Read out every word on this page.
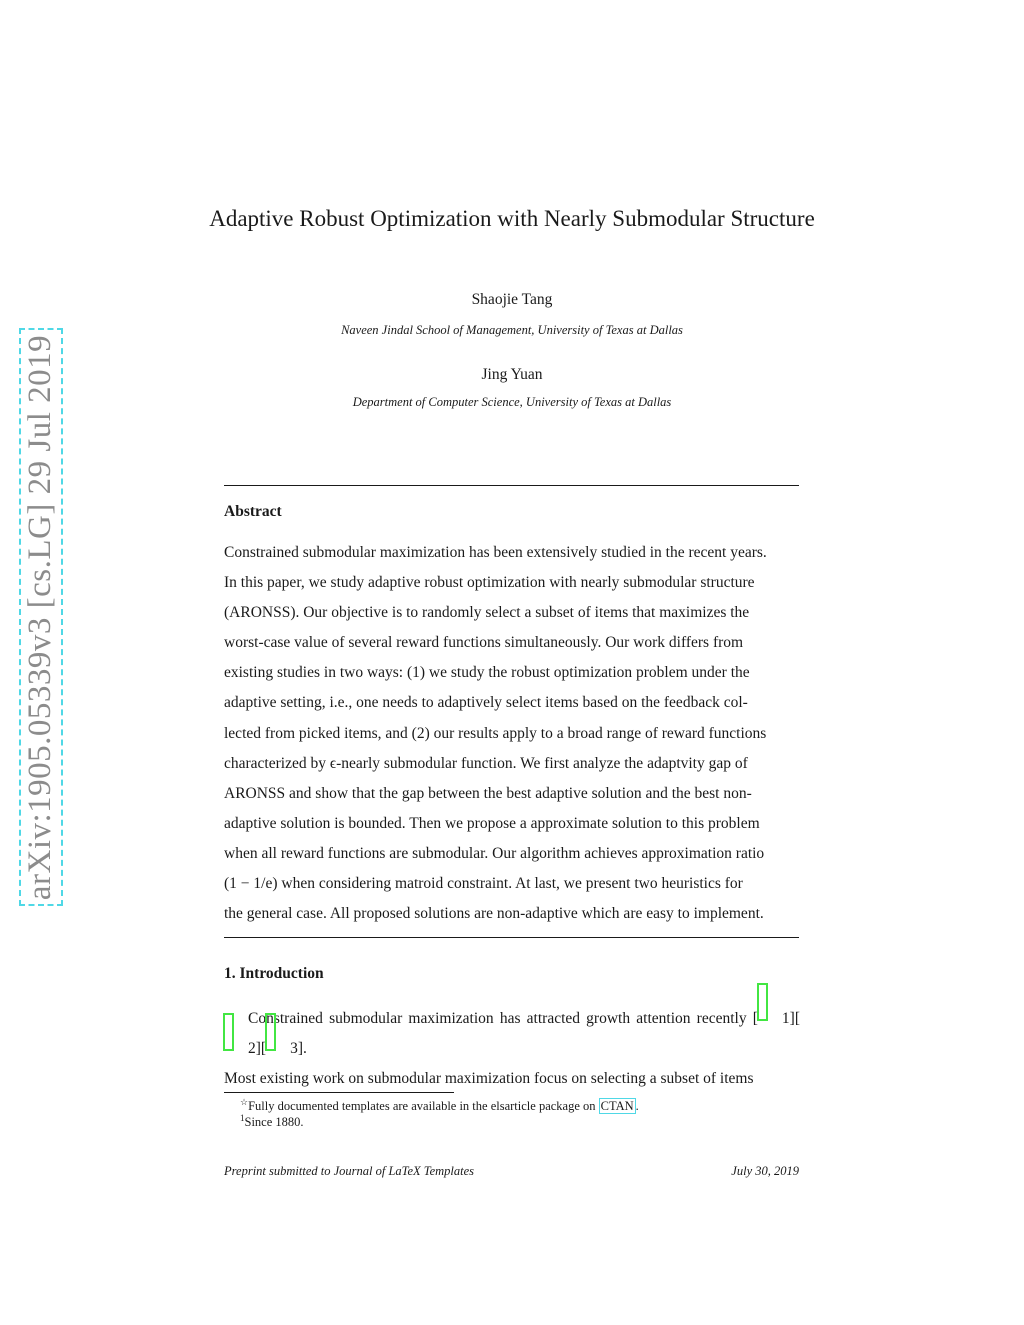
arXiv:1905.05339v3 [cs.LG] 29 Jul 2019
Adaptive Robust Optimization with Nearly Submodular Structure
Shaojie Tang
Naveen Jindal School of Management, University of Texas at Dallas
Jing Yuan
Department of Computer Science, University of Texas at Dallas
Abstract

Constrained submodular maximization has been extensively studied in the recent years.

In this paper, we study adaptive robust optimization with nearly submodular structure

(ARONSS). Our objective is to randomly select a subset of items that maximizes the

worst-case value of several reward functions simultaneously. Our work differs from

existing studies in two ways: (1) we study the robust optimization problem under the

adaptive setting, i.e., one needs to adaptively select items based on the feedback col-

lected from picked items, and (2) our results apply to a broad range of reward functions

characterized by ϵ-nearly submodular function. We first analyze the adaptvity gap of

ARONSS and show that the gap between the best adaptive solution and the best non-

adaptive solution is bounded. Then we propose a approximate solution to this problem

when all reward functions are submodular. Our algorithm achieves approximation ratio

(1 − 1/e) when considering matroid constraint. At last, we present two heuristics for

the general case. All proposed solutions are non-adaptive which are easy to implement.

1. Introduction

Constrained submodular maximization has attracted growth attention recently [ 1][
2][ 3].

Most existing work on submodular maximization focus on selecting a subset of items
☆Fully documented templates are available in the elsarticle package on CTAN .
$^1$Since 1880.
Preprint submitted to Journal of LaTeX Templates	July 30, 2019
